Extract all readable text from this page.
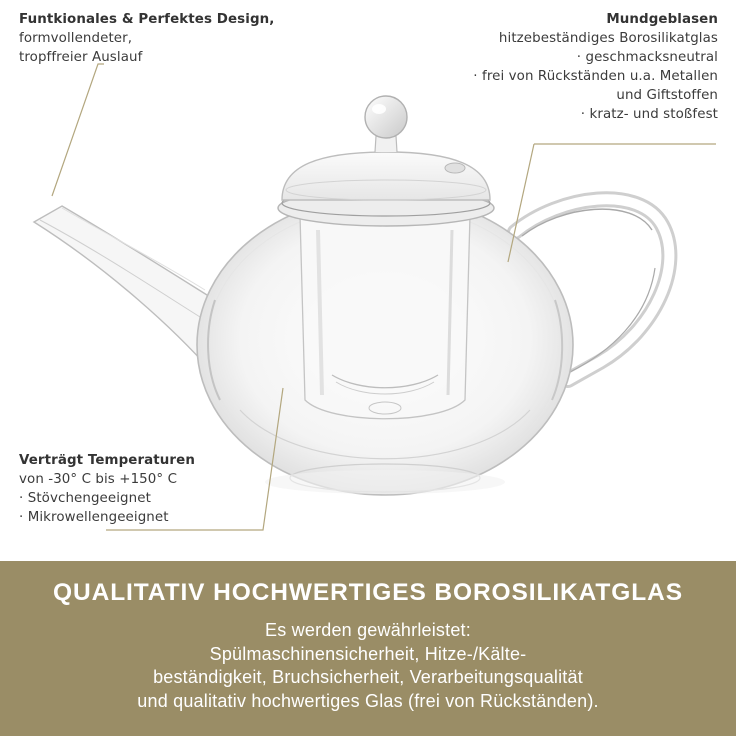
Funtkionales & Perfektes Design,
formvollendeter,
tropffreier Auslauf
Mundgeblasen
hitzebeständiges Borosilikatglas
· geschmacksneutral
· frei von Rückständen u.a. Metallen
und Giftstoffen
· kratz- und stoßfest
Verträgt Temperaturen
von -30° C bis +150° C
· Stövchengeeignet
· Mikrowellengeeignet
QUALITATIV HOCHWERTIGES BOROSILIKATGLAS
Es werden gewährleistet:
Spülmaschinensicherheit, Hitze-/Kälte-
beständigkeit, Bruchsicherheit, Verarbeitungsqualität
und qualitativ hochwertiges Glas (frei von Rückständen).
